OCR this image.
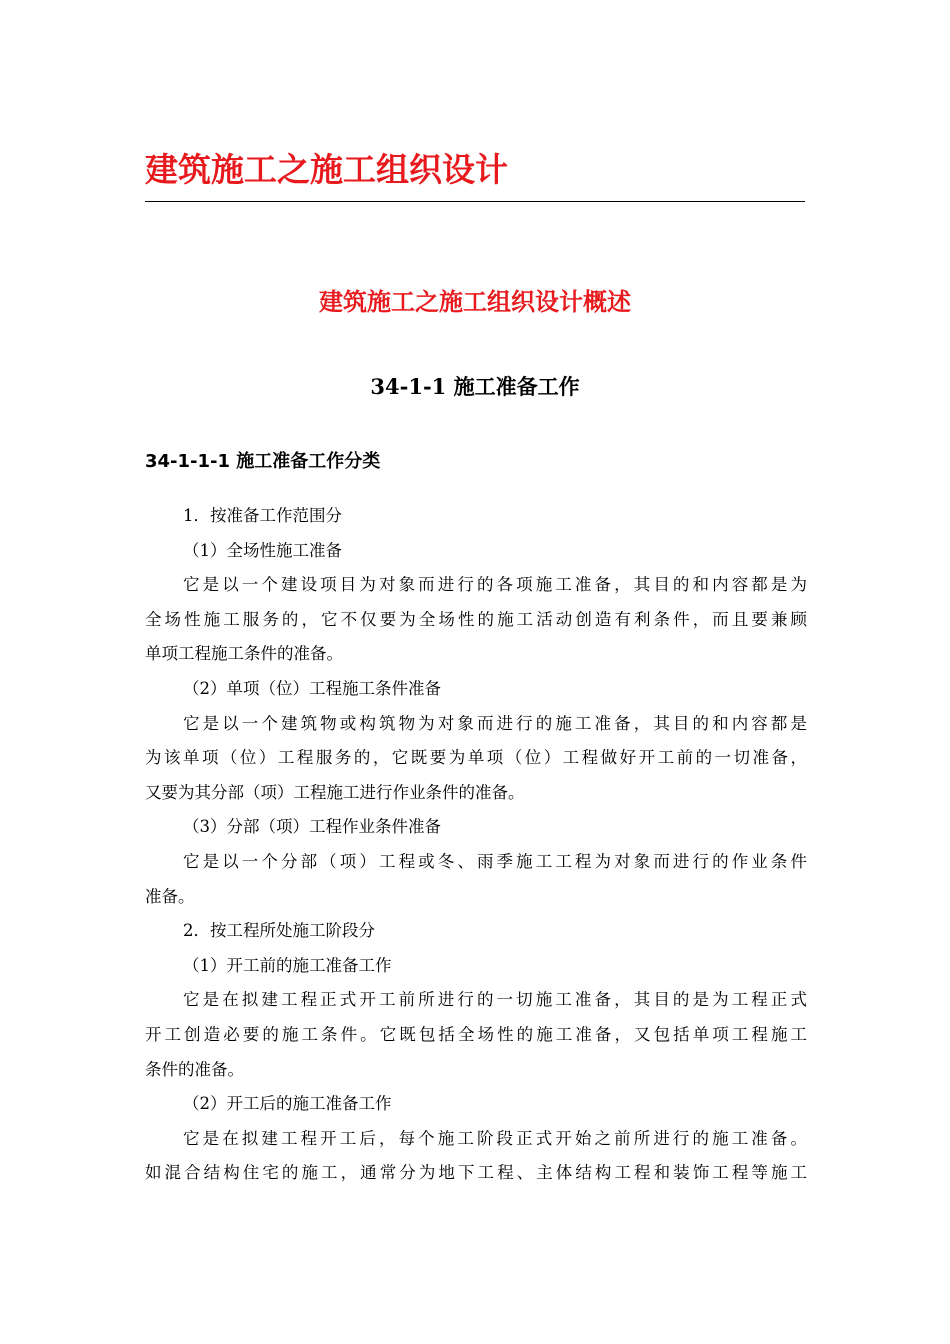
建筑施工之施工组织设计
建筑施工之施工组织设计概述
34-1-1 施工准备工作
34-1-1-1 施工准备工作分类
1．按准备工作范围分
（1）全场性施工准备
它是以一个建设项目为对象而进行的各项施工准备，其目的和内容都是为
全场性施工服务的，它不仅要为全场性的施工活动创造有利条件，而且要兼顾
单项工程施工条件的准备。
（2）单项（位）工程施工条件准备
它是以一个建筑物或构筑物为对象而进行的施工准备，其目的和内容都是
为该单项（位）工程服务的，它既要为单项（位）工程做好开工前的一切准备，
又要为其分部（项）工程施工进行作业条件的准备。
（3）分部（项）工程作业条件准备
它是以一个分部（项）工程或冬、雨季施工工程为对象而进行的作业条件
准备。
2．按工程所处施工阶段分
（1）开工前的施工准备工作
它是在拟建工程正式开工前所进行的一切施工准备，其目的是为工程正式
开工创造必要的施工条件。它既包括全场性的施工准备，又包括单项工程施工
条件的准备。
（2）开工后的施工准备工作
它是在拟建工程开工后，每个施工阶段正式开始之前所进行的施工准备。
如混合结构住宅的施工，通常分为地下工程、主体结构工程和装饰工程等施工
